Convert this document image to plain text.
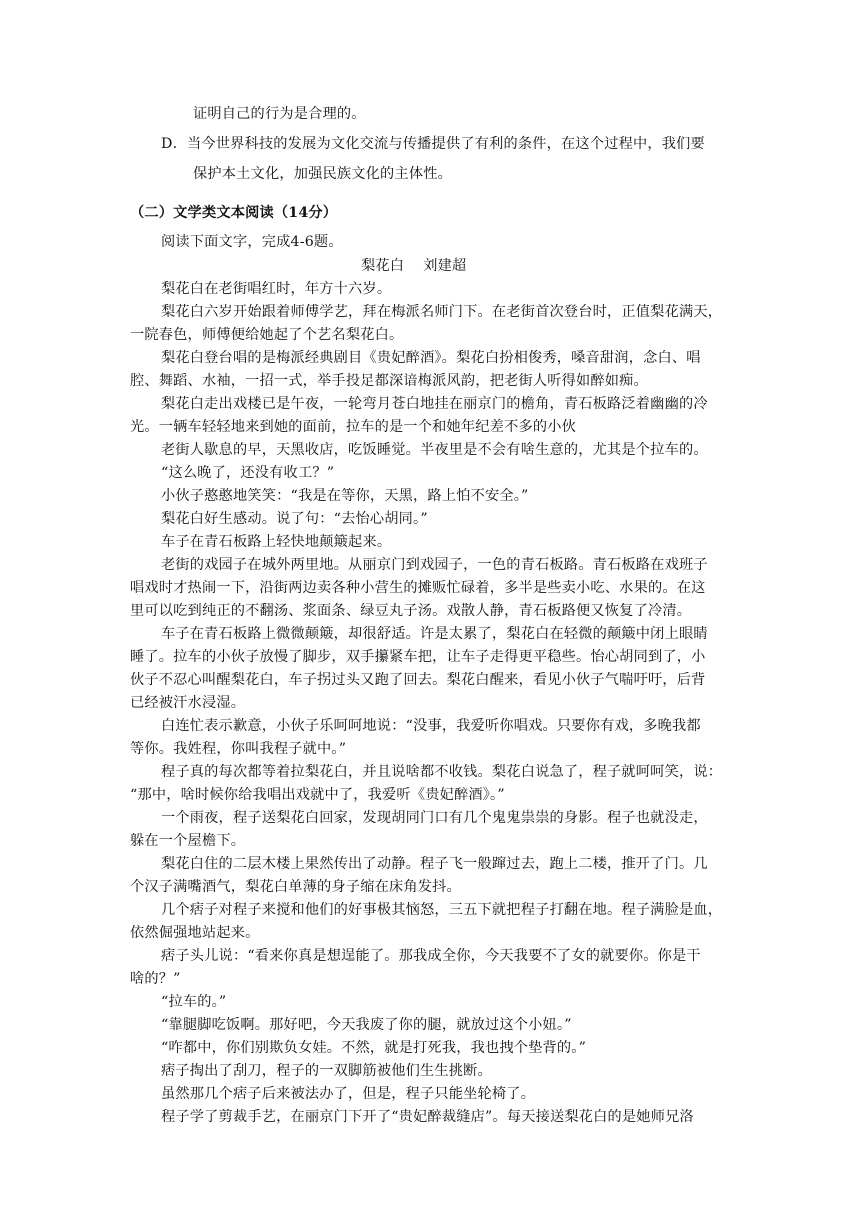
证明自己的行为是合理的。
D．当今世界科技的发展为文化交流与传播提供了有利的条件，在这个过程中，我们要
保护本土文化，加强民族文化的主体性。
（二）文学类文本阅读（14分）
阅读下面文字，完成4-6题。
梨花白　 刘建超
梨花白在老街唱红时，年方十六岁。
梨花白六岁开始跟着师傅学艺，拜在梅派名师门下。在老街首次登台时，正值梨花满天，
一院春色，师傅便给她起了个艺名梨花白。
梨花白登台唱的是梅派经典剧目《贵妃醉酒》。梨花白扮相俊秀，嗓音甜润，念白、唱
腔、舞蹈、水袖，一招一式，举手投足都深谙梅派风韵，把老街人听得如醉如痴。
梨花白走出戏楼已是午夜，一轮弯月苍白地挂在丽京门的檐角，青石板路泛着幽幽的冷
光。一辆车轻轻地来到她的面前，拉车的是一个和她年纪差不多的小伙
老街人歇息的早，天黑收店，吃饭睡觉。半夜里是不会有啥生意的，尤其是个拉车的。
“这么晚了，还没有收工？”
小伙子憨憨地笑笑：“我是在等你，天黑，路上怕不安全。”
梨花白好生感动。说了句：“去怡心胡同。”
车子在青石板路上轻快地颠簸起来。
老街的戏园子在城外两里地。从丽京门到戏园子，一色的青石板路。青石板路在戏班子
唱戏时才热闹一下，沿街两边卖各种小营生的摊贩忙碌着，多半是些卖小吃、水果的。在这
里可以吃到纯正的不翻汤、浆面条、绿豆丸子汤。戏散人静，青石板路便又恢复了冷清。
车子在青石板路上微微颠簸，却很舒适。许是太累了，梨花白在轻微的颠簸中闭上眼睛
睡了。拉车的小伙子放慢了脚步，双手攥紧车把，让车子走得更平稳些。怡心胡同到了，小
伙子不忍心叫醒梨花白，车子拐过头又跑了回去。梨花白醒来，看见小伙子气喘吁吁，后背
已经被汗水浸湿。
白连忙表示歉意，小伙子乐呵呵地说：“没事，我爱听你唱戏。只要你有戏，多晚我都
等你。我姓程，你叫我程子就中。”
程子真的每次都等着拉梨花白，并且说啥都不收钱。梨花白说急了，程子就呵呵笑，说：
“那中，啥时候你给我唱出戏就中了，我爱听《贵妃醉酒》。”
一个雨夜，程子送梨花白回家，发现胡同门口有几个鬼鬼祟祟的身影。程子也就没走，
躲在一个屋檐下。
梨花白住的二层木楼上果然传出了动静。程子飞一般蹿过去，跑上二楼，推开了门。几
个汉子满嘴酒气，梨花白单薄的身子缩在床角发抖。
几个痞子对程子来搅和他们的好事极其恼怒，三五下就把程子打翻在地。程子满脸是血，
依然倔强地站起来。
痞子头儿说：“看来你真是想逞能了。那我成全你，今天我要不了女的就要你。你是干
啥的？”
“拉车的。”
“靠腿脚吃饭啊。那好吧，今天我废了你的腿，就放过这个小妞。”
“咋都中，你们别欺负女娃。不然，就是打死我，我也拽个垫背的。”
痞子掏出了刮刀，程子的一双脚筋被他们生生挑断。
虽然那几个痞子后来被法办了，但是，程子只能坐轮椅了。
程子学了剪裁手艺，在丽京门下开了“贵妃醉裁缝店”。每天接送梨花白的是她师兄洛
